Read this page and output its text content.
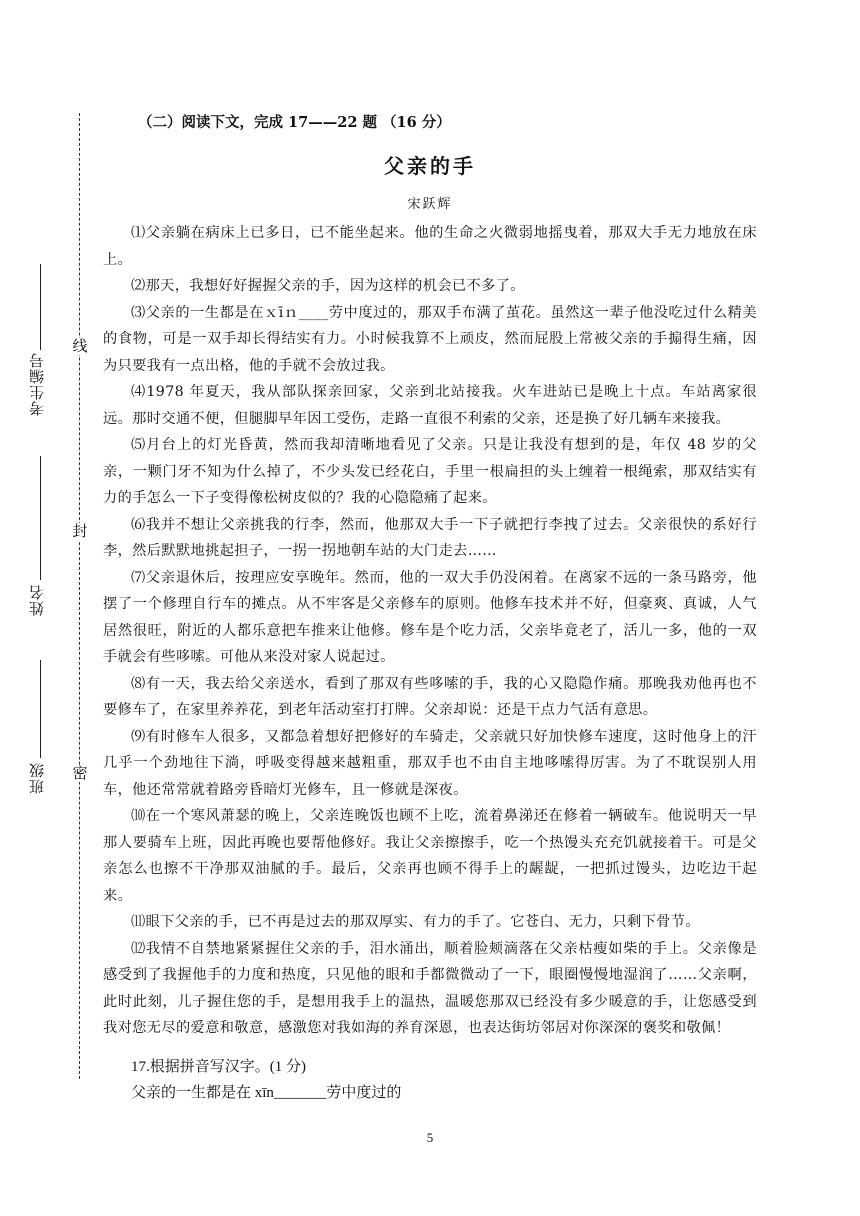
线
封
密
考生编号
姓名
班级
（二）阅读下文，完成 17——22 题 （16 分）
父亲的手
宋跃辉

⑴父亲躺在病床上已多日，已不能坐起来。他的生命之火微弱地摇曳着，那双大手无力地放在床上。

⑵那天，我想好好握握父亲的手，因为这样的机会已不多了。

⑶父亲的一生都是在ｘīｎ____劳中度过的，那双手布满了茧花。虽然这一辈子他没吃过什么精美的食物，可是一双手却长得结实有力。小时候我算不上顽皮，然而屁股上常被父亲的手搧得生痛，因为只要我有一点出格，他的手就不会放过我。

⑷1978 年夏天，我从部队探亲回家，父亲到北站接我。火车进站已是晚上十点。车站离家很远。那时交通不便，但腿脚早年因工受伤，走路一直很不利索的父亲，还是换了好几辆车来接我。

⑸月台上的灯光昏黄，然而我却清晰地看见了父亲。只是让我没有想到的是，年仅 48 岁的父亲，一颗门牙不知为什么掉了，不少头发已经花白，手里一根扁担的头上缠着一根绳索，那双结实有力的手怎么一下子变得像松树皮似的？我的心隐隐痛了起来。

⑹我并不想让父亲挑我的行李，然而，他那双大手一下子就把行李拽了过去。父亲很快的系好行李，然后默默地挑起担子，一拐一拐地朝车站的大门走去……

⑺父亲退休后，按理应安享晚年。然而，他的一双大手仍没闲着。在离家不远的一条马路旁，他摆了一个修理自行车的摊点。从不牢客是父亲修车的原则。他修车技术并不好，但豪爽、真诚，人气居然很旺，附近的人都乐意把车推来让他修。修车是个吃力活，父亲毕竟老了，活儿一多，他的一双手就会有些哆嗦。可他从来没对家人说起过。

⑻有一天，我去给父亲送水，看到了那双有些哆嗦的手，我的心又隐隐作痛。那晚我劝他再也不要修车了，在家里养养花，到老年活动室打打牌。父亲却说：还是干点力气活有意思。

⑼有时修车人很多，又都急着想好把修好的车骑走，父亲就只好加快修车速度，这时他身上的汗几乎一个劲地往下淌，呼吸变得越来越粗重，那双手也不由自主地哆嗦得厉害。为了不耽误别人用车，他还常常就着路旁昏暗灯光修车，且一修就是深夜。

⑽在一个寒风萧瑟的晚上，父亲连晚饭也顾不上吃，流着鼻涕还在修着一辆破车。他说明天一早那人要骑车上班，因此再晚也要帮他修好。我让父亲擦擦手，吃一个热馒头充充饥就接着干。可是父亲怎么也擦不干净那双油腻的手。最后，父亲再也顾不得手上的龌龊，一把抓过馒头，边吃边干起来。

⑾眼下父亲的手，已不再是过去的那双厚实、有力的手了。它苍白、无力，只剩下骨节。

⑿我情不自禁地紧紧握住父亲的手，泪水涌出，顺着脸颊滴落在父亲枯瘦如柴的手上。父亲像是感受到了我握他手的力度和热度，只见他的眼和手都微微动了一下，眼圈慢慢地湿润了……父亲啊，此时此刻，儿子握住您的手，是想用我手上的温热，温暖您那双已经没有多少暖意的手，让您感受到我对您无尽的爱意和敬意，感激您对我如海的养育深恩，也表达街坊邻居对你深深的褒奖和敬佩！

17.根据拼音写汉字。(1 分)
父亲的一生都是在 xīn_______劳中度过的
5
